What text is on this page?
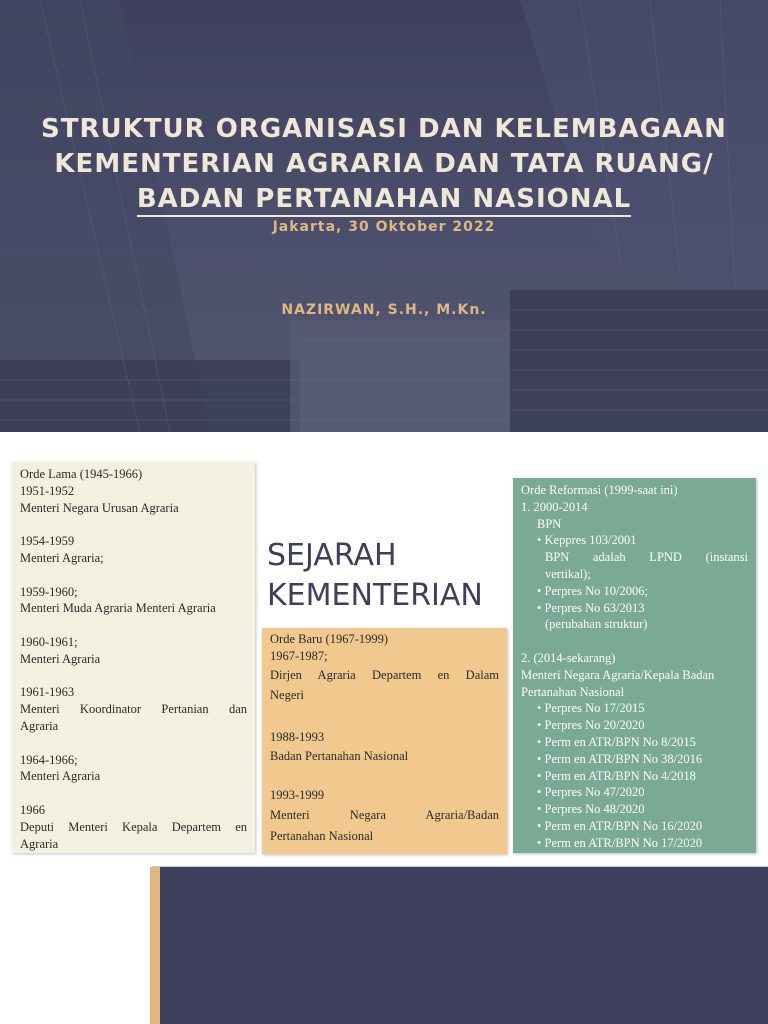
STRUKTUR ORGANISASI DAN KELEMBAGAAN
KEMENTERIAN AGRARIA DAN TATA RUANG/
BADAN PERTANAHAN NASIONAL
Jakarta, 30 Oktober 2022
NAZIRWAN, S.H., M.Kn.
Orde Lama (1945-1966)
1951-1952
Menteri Negara Urusan Agraria
1954-1959
Menteri Agraria;
1959-1960;
Menteri Muda Agraria Menteri Agraria
1960-1961;
Menteri Agraria
1961-1963
Menteri Koordinator Pertanian dan
Agraria
1964-1966;
Menteri Agraria
1966
Deputi Menteri Kepala Departem en
Agraria
SEJARAH
KEMENTERIAN
Orde Baru (1967-1999)
1967-1987;
Dirjen Agraria Departem en Dalam
Negeri
1988-1993
Badan Pertanahan Nasional
1993-1999
Menteri Negara Agraria/Badan
Pertanahan Nasional
Orde Reformasi (1999-saat ini)
1. 2000-2014
BPN
• Keppres 103/2001
BPN adalah LPND (instansi
vertikal);
• Perpres No 10/2006;
• Perpres No 63/2013
(perubahan struktur)
2. (2014-sekarang)
Menteri Negara Agraria/Kepala Badan
Pertanahan Nasional
• Perpres No 17/2015
• Perpres No 20/2020
• Perm en ATR/BPN No 8/2015
• Perm en ATR/BPN No 38/2016
• Perm en ATR/BPN No 4/2018
• Perpres No 47/2020
• Perpres No 48/2020
• Perm en ATR/BPN No 16/2020
• Perm en ATR/BPN No 17/2020
